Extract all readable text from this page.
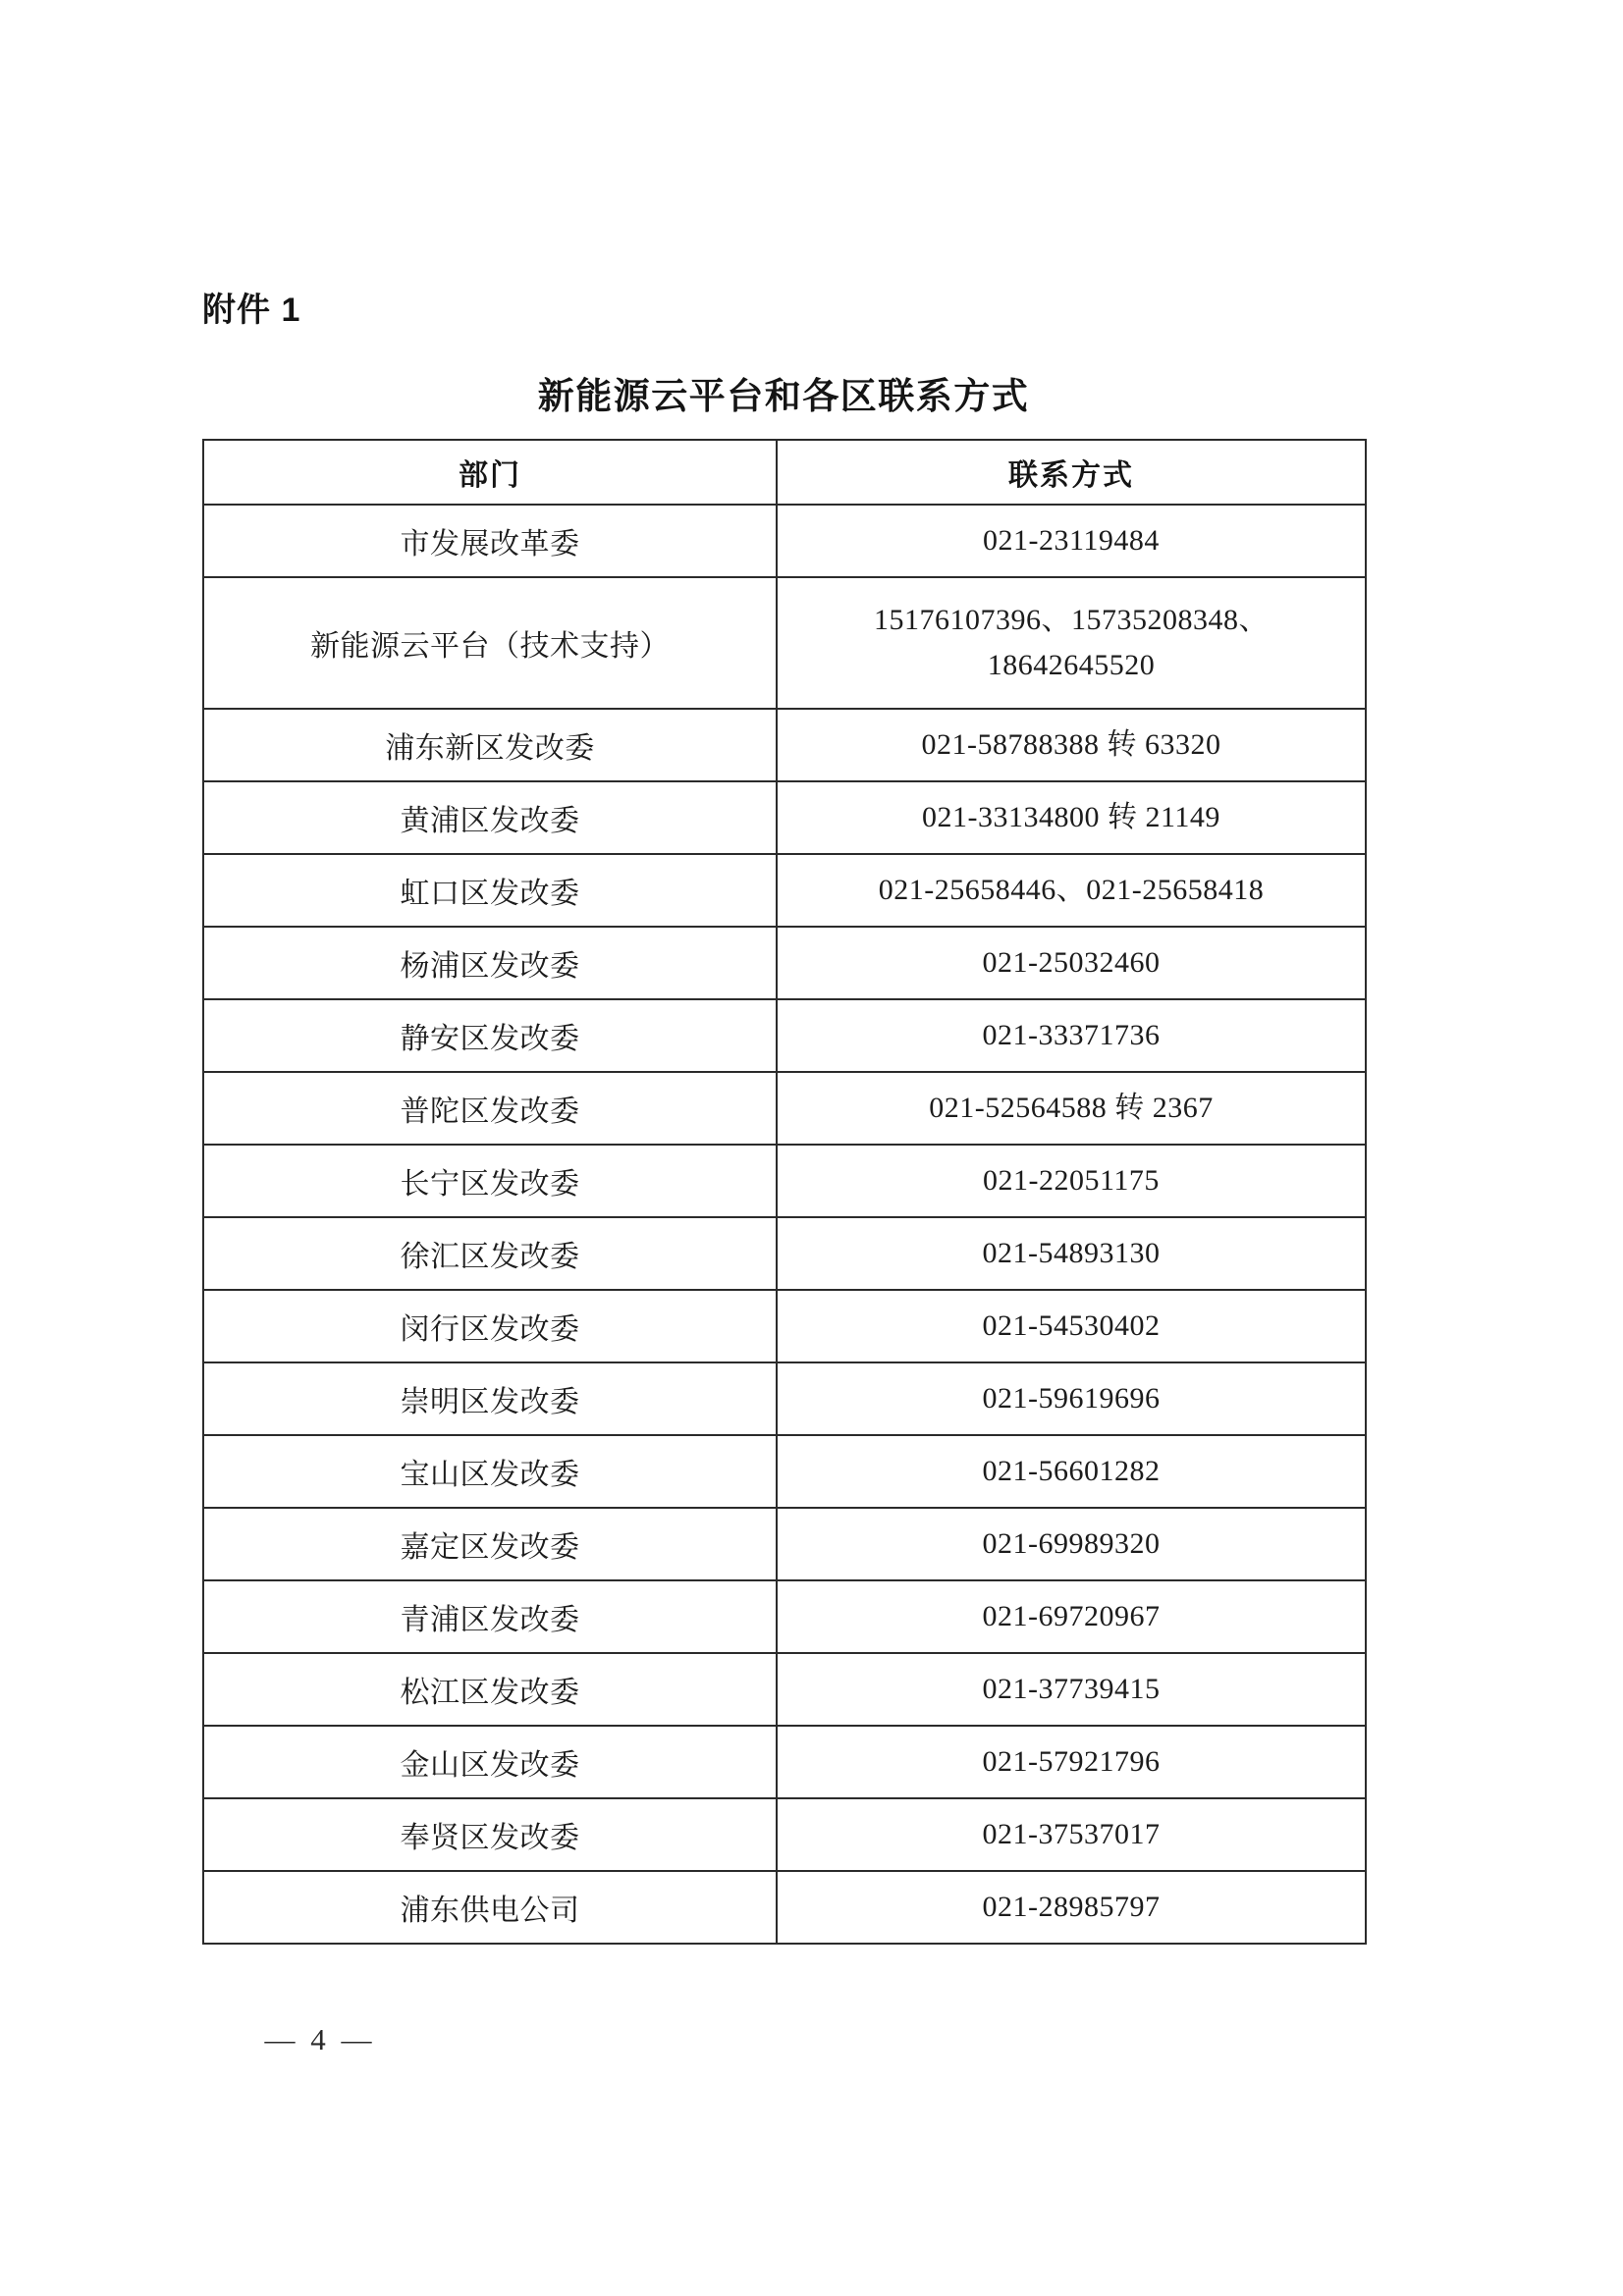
附件 1
新能源云平台和各区联系方式
部门	联系方式
市发展改革委	021-23119484

新能源云平台（技术支持）	15176107396、15735208348、
18642645520

浦东新区发改委	021-58788388 转 63320

黄浦区发改委	021-33134800 转 21149

虹口区发改委	021-25658446、021-25658418

杨浦区发改委	021-25032460

静安区发改委	021-33371736

普陀区发改委	021-52564588 转 2367

长宁区发改委	021-22051175

徐汇区发改委	021-54893130

闵行区发改委	021-54530402

崇明区发改委	021-59619696

宝山区发改委	021-56601282

嘉定区发改委	021-69989320

青浦区发改委	021-69720967

松江区发改委	021-37739415

金山区发改委	021-57921796

奉贤区发改委	021-37537017

浦东供电公司	021-28985797
— 4 —
